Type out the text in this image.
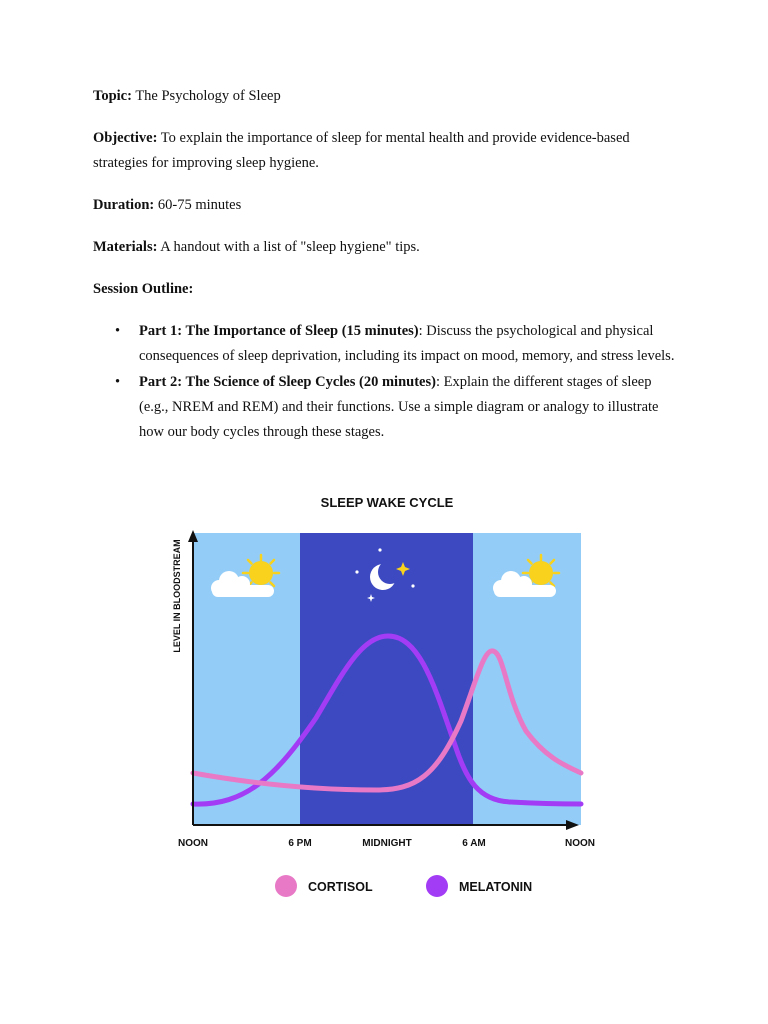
Topic: The Psychology of Sleep

Objective: To explain the importance of sleep for mental health and provide evidence-based strategies for improving sleep hygiene.

Duration: 60-75 minutes

Materials: A handout with a list of "sleep hygiene" tips.

Session Outline:

• Part 1: The Importance of Sleep (15 minutes): Discuss the psychological and physical consequences of sleep deprivation, including its impact on mood, memory, and stress levels.
• Part 2: The Science of Sleep Cycles (20 minutes): Explain the different stages of sleep (e.g., NREM and REM) and their functions. Use a simple diagram or analogy to illustrate how our body cycles through these stages.
SLEEP WAKE CYCLE
LEVEL IN BLOODSTREAM
NOON	6 PM	MIDNIGHT	6 AM	NOON
CORTISOL	MELATONIN
